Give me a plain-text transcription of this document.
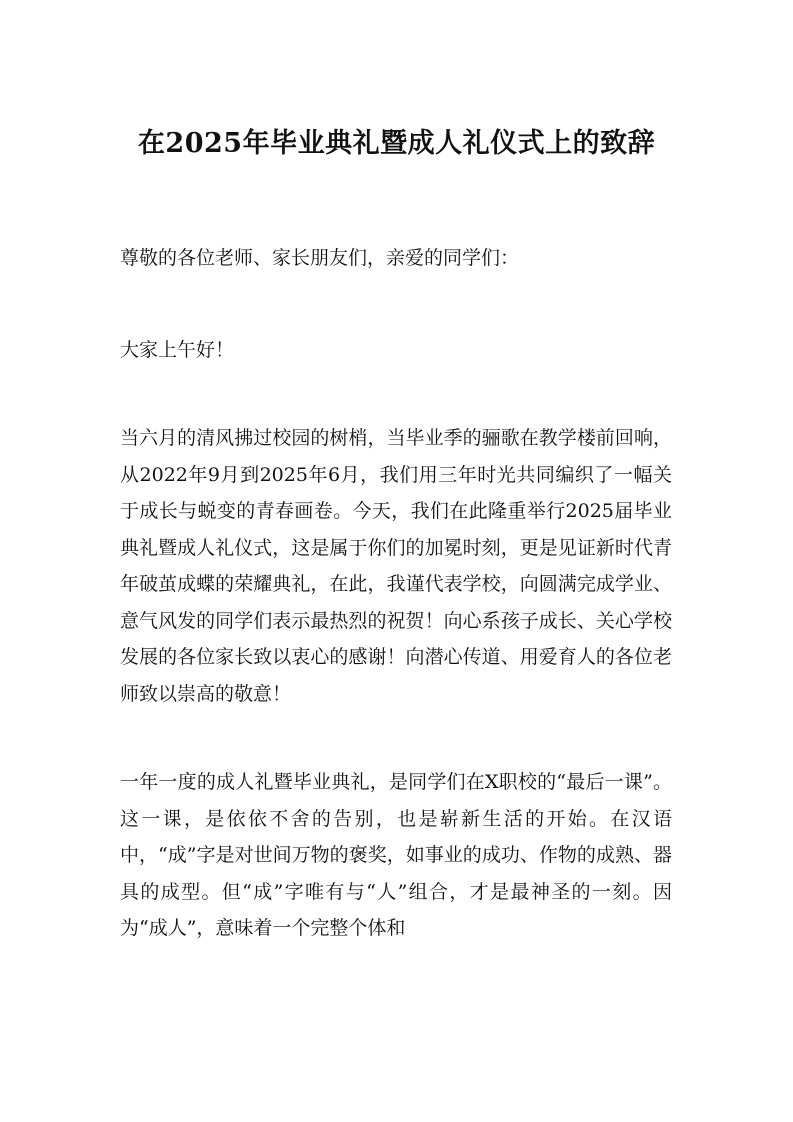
在2025年毕业典礼暨成人礼仪式上的致辞

尊敬的各位老师、家长朋友们，亲爱的同学们：

大家上午好！

当六月的清风拂过校园的树梢，当毕业季的骊歌在教学楼前回响，从2022年9月到2025年6月，我们用三年时光共同编织了一幅关于成长与蜕变的青春画卷。今天，我们在此隆重举行2025届毕业典礼暨成人礼仪式，这是属于你们的加冕时刻，更是见证新时代青年破茧成蝶的荣耀典礼，在此，我谨代表学校，向圆满完成学业、意气风发的同学们表示最热烈的祝贺！向心系孩子成长、关心学校发展的各位家长致以衷心的感谢！向潜心传道、用爱育人的各位老师致以崇高的敬意！

一年一度的成人礼暨毕业典礼，是同学们在X职校的“最后一课”。这一课，是依依不舍的告别，也是崭新生活的开始。在汉语中，“成”字是对世间万物的褒奖，如事业的成功、作物的成熟、器具的成型。但“成”字唯有与“人”组合，才是最神圣的一刻。因为“成人”，意味着一个完整个体和
